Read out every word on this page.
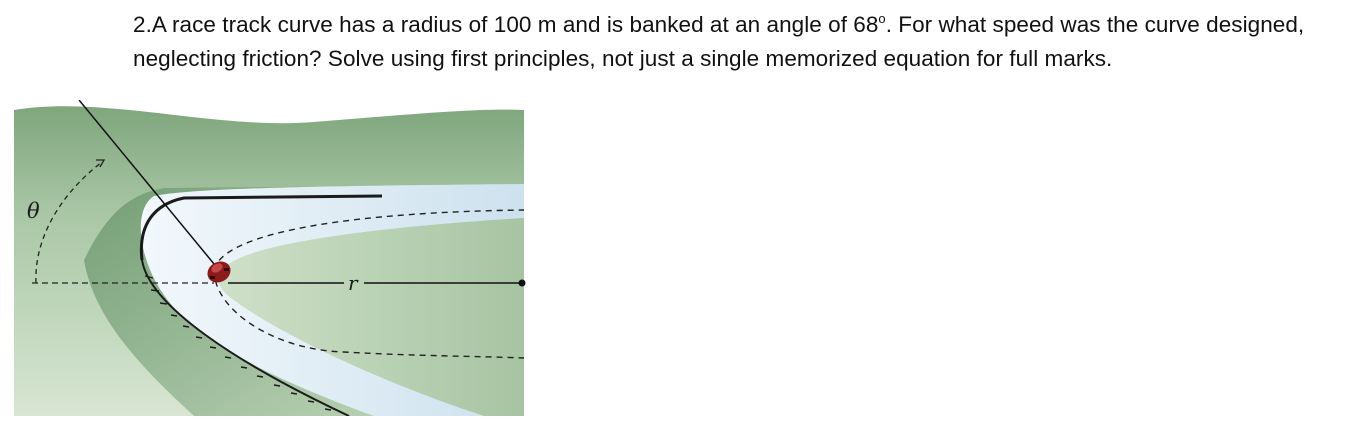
2.A race track curve has a radius of 100 m and is banked at an angle of 68$^o$. For what speed was the curve designed, neglecting friction? Solve using first principles, not just a single memorized equation for full marks.
r
θ
